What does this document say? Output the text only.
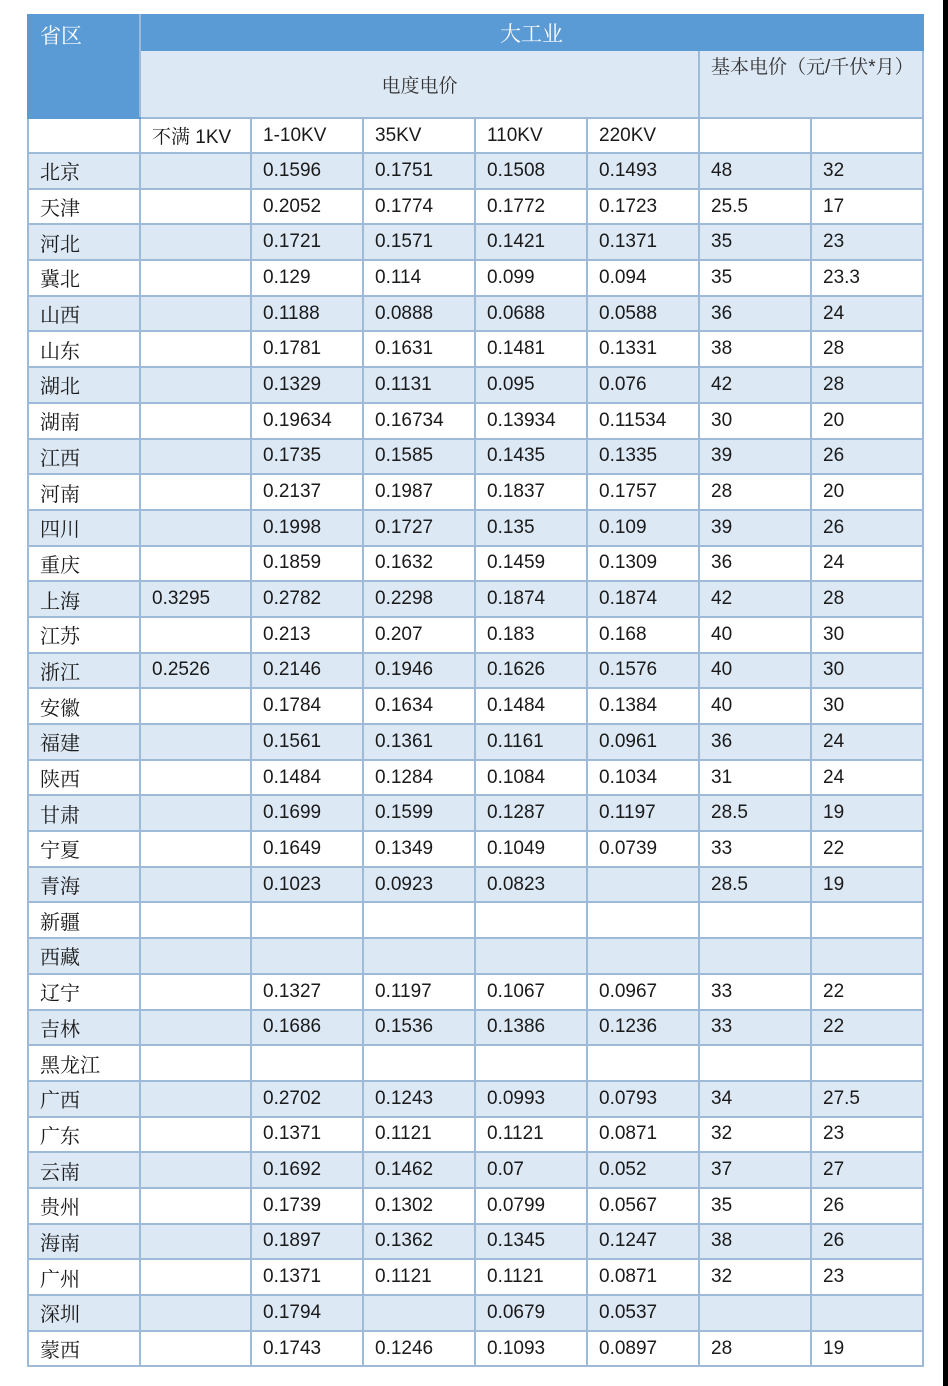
省区	大工业						
	电度电价					基本电价（元/千伏*月）	
	不满 1KV	1-10KV	35KV	110KV	220KV		
北京		0.1596	0.1751	0.1508	0.1493	48	32
天津		0.2052	0.1774	0.1772	0.1723	25.5	17
河北		0.1721	0.1571	0.1421	0.1371	35	23
冀北		0.129	0.114	0.099	0.094	35	23.3
山西		0.1188	0.0888	0.0688	0.0588	36	24
山东		0.1781	0.1631	0.1481	0.1331	38	28
湖北		0.1329	0.1131	0.095	0.076	42	28
湖南		0.19634	0.16734	0.13934	0.11534	30	20
江西		0.1735	0.1585	0.1435	0.1335	39	26
河南		0.2137	0.1987	0.1837	0.1757	28	20
四川		0.1998	0.1727	0.135	0.109	39	26
重庆		0.1859	0.1632	0.1459	0.1309	36	24
上海	0.3295	0.2782	0.2298	0.1874	0.1874	42	28
江苏		0.213	0.207	0.183	0.168	40	30
浙江	0.2526	0.2146	0.1946	0.1626	0.1576	40	30
安徽		0.1784	0.1634	0.1484	0.1384	40	30
福建		0.1561	0.1361	0.1161	0.0961	36	24
陕西		0.1484	0.1284	0.1084	0.1034	31	24
甘肃		0.1699	0.1599	0.1287	0.1197	28.5	19
宁夏		0.1649	0.1349	0.1049	0.0739	33	22
青海		0.1023	0.0923	0.0823		28.5	19
新疆							
西藏							
辽宁		0.1327	0.1197	0.1067	0.0967	33	22
吉林		0.1686	0.1536	0.1386	0.1236	33	22
黑龙江							
广西		0.2702	0.1243	0.0993	0.0793	34	27.5
广东		0.1371	0.1121	0.1121	0.0871	32	23
云南		0.1692	0.1462	0.07	0.052	37	27
贵州		0.1739	0.1302	0.0799	0.0567	35	26
海南		0.1897	0.1362	0.1345	0.1247	38	26
广州		0.1371	0.1121	0.1121	0.0871	32	23
深圳		0.1794		0.0679	0.0537		
蒙西		0.1743	0.1246	0.1093	0.0897	28	19
